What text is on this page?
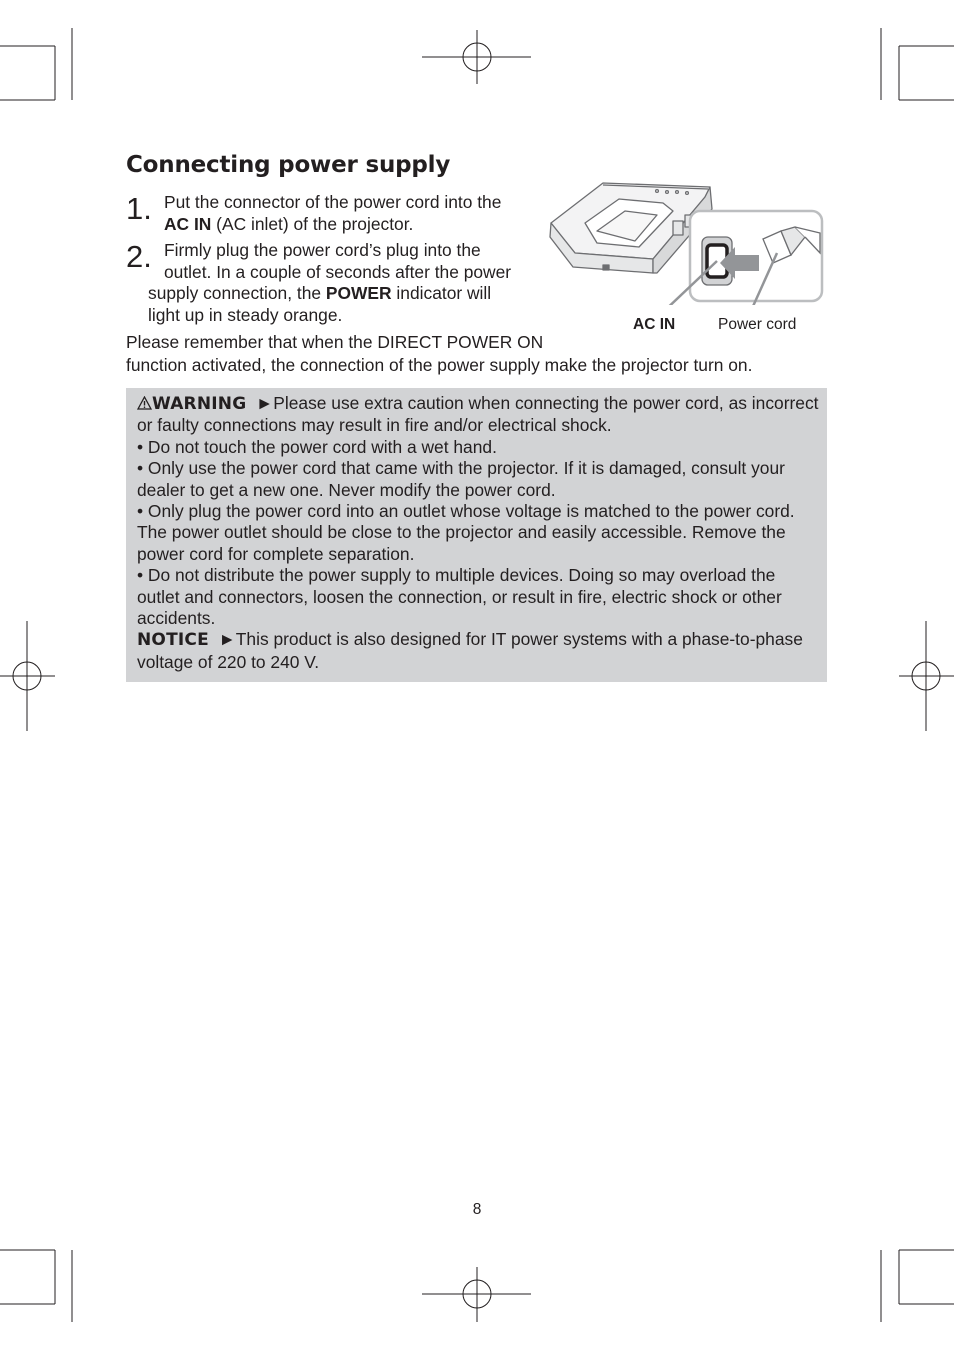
Connecting power supply
1. Put the connector of the power cord into the
AC IN (AC inlet) of the projector.
2. Firmly plug the power cord’s plug into the
outlet. In a couple of seconds after the power
supply connection, the POWER indicator will
light up in steady orange.
Please remember that when the DIRECT POWER ON
function activated, the connection of the power supply make the projector turn on.
AC IN	Power cord

WARNING ►Please use extra caution when connecting the power cord, as incorrect or faulty connections may result in fire and/or electrical shock.

• Do not touch the power cord with a wet hand.

• Only use the power cord that came with the projector. If it is damaged, consult your dealer to get a new one. Never modify the power cord.

• Only plug the power cord into an outlet whose voltage is matched to the power cord. The power outlet should be close to the projector and easily accessible. Remove the power cord for complete separation.

• Do not distribute the power supply to multiple devices. Doing so may overload the outlet and connectors, loosen the connection, or result in fire, electric shock or other accidents.

NOTICE ►This product is also designed for IT power systems with a phase-to-phase voltage of 220 to 240 V.

8
